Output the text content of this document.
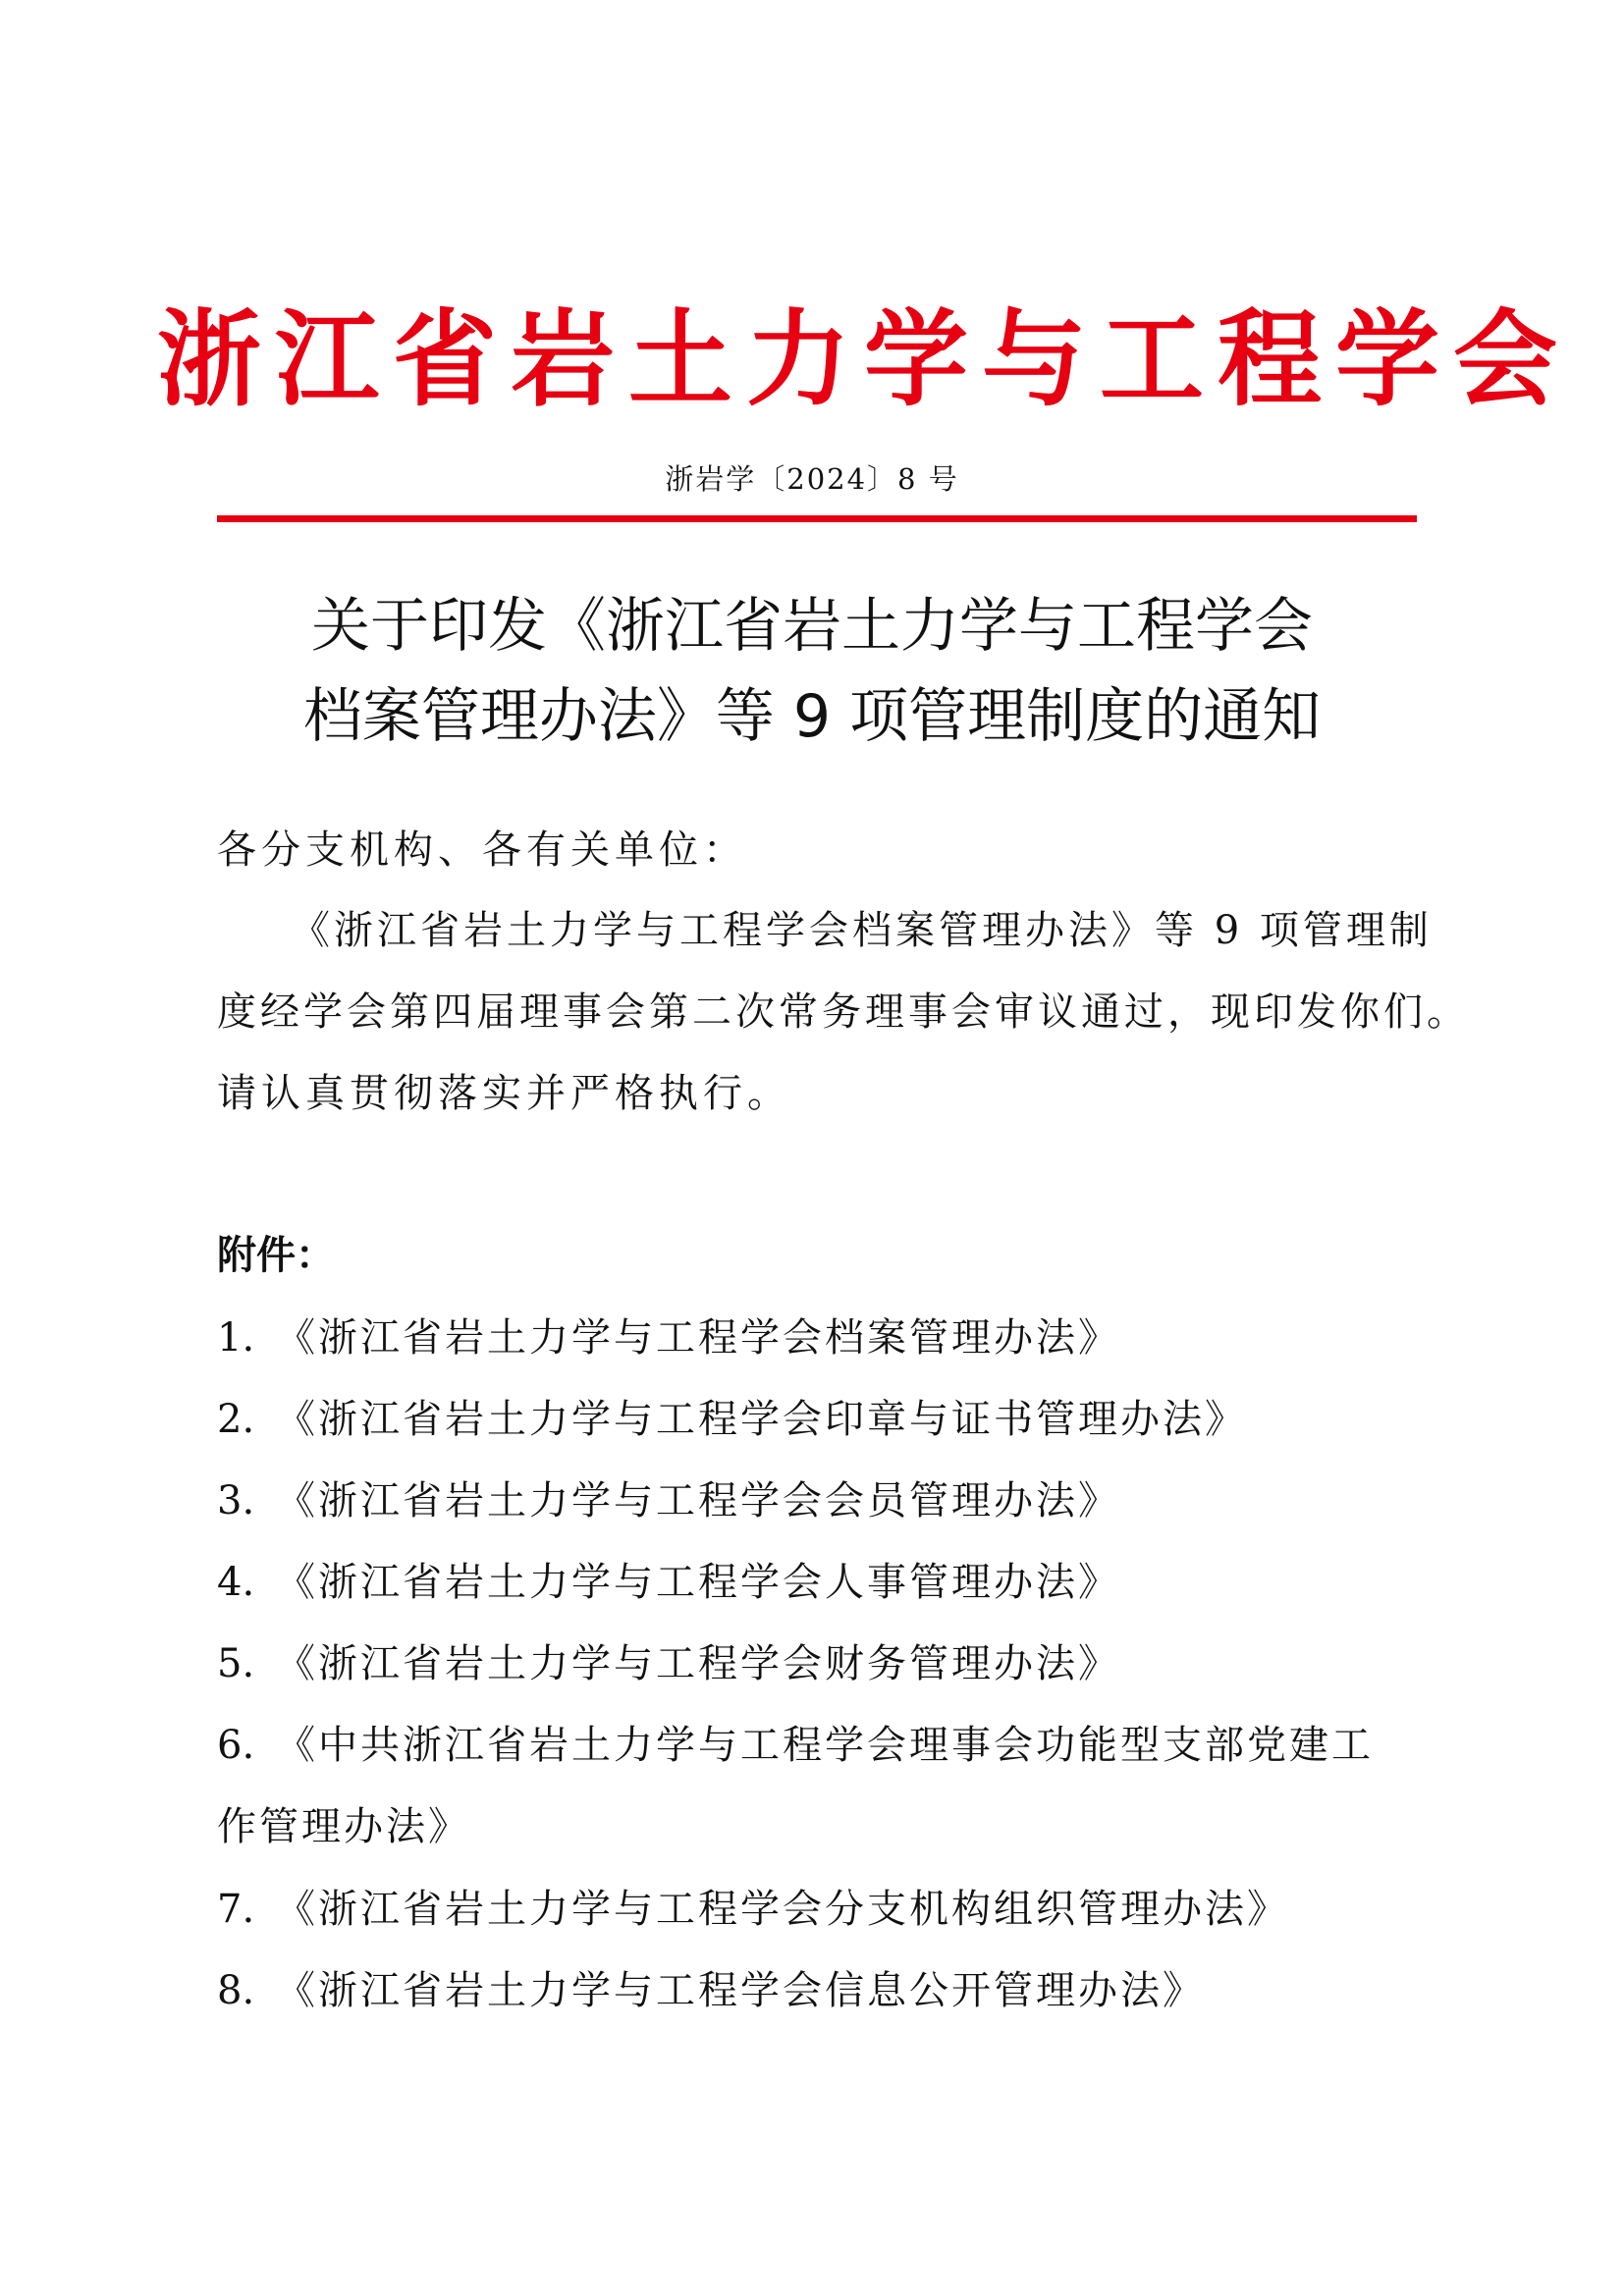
浙江省岩土力学与工程学会
浙岩学〔2024〕8 号
关于印发《浙江省岩土力学与工程学会
档案管理办法》等 9 项管理制度的通知
各分支机构、各有关单位：
《浙江省岩土力学与工程学会档案管理办法》等 9 项管理制
度经学会第四届理事会第二次常务理事会审议通过，现印发你们。
请认真贯彻落实并严格执行。
附件：
1. 《浙江省岩土力学与工程学会档案管理办法》
2. 《浙江省岩土力学与工程学会印章与证书管理办法》
3. 《浙江省岩土力学与工程学会会员管理办法》
4. 《浙江省岩土力学与工程学会人事管理办法》
5. 《浙江省岩土力学与工程学会财务管理办法》
6. 《中共浙江省岩土力学与工程学会理事会功能型支部党建工
作管理办法》
7. 《浙江省岩土力学与工程学会分支机构组织管理办法》
8. 《浙江省岩土力学与工程学会信息公开管理办法》
